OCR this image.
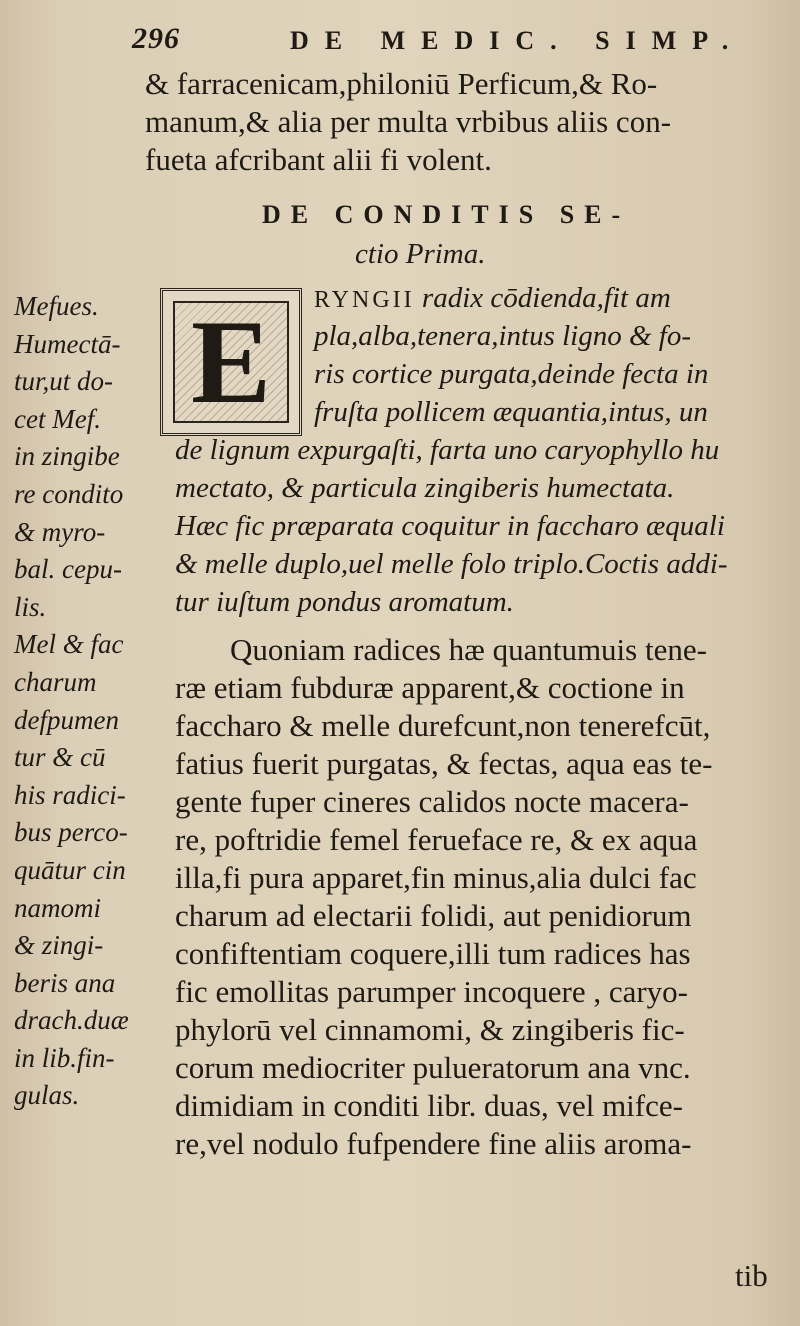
296	DE MEDIC. SIMP.
& farracenicam,philoniū Perficum,& Ro-
manum,& alia per multa vrbibus aliis con-
fueta afcribant alii fi volent.
DE CONDITIS SE-
ctio Prima.
E	RYNGII radix cōdienda,fit am
pla,alba,tenera,intus ligno & fo-
ris cortice purgata,deinde fecta in
fruſta pollicem æquantia,intus, un
de lignum expurgaſti, farta uno caryophyllo hu
mectato, & particula zingiberis humectata.
Hæc fic præparata coquitur in faccharo æquali
& melle duplo,uel melle folo triplo.Coctis addi-
tur iuſtum pondus aromatum.
Quoniam radices hæ quantumuis tene-
ræ etiam fubduræ apparent,& coctione in
faccharo & melle durefcunt,non tenerefcūt,
fatius fuerit purgatas, & fectas, aqua eas te-
gente fuper cineres calidos nocte macera-
re, poftridie femel ferueface re, & ex aqua
illa,fi pura apparet,fin minus,alia dulci fac
charum ad electarii folidi, aut penidiorum
confiftentiam coquere,illi tum radices has
fic emollitas parumper incoquere , caryo-
phylorū vel cinnamomi, & zingiberis fic-
corum mediocriter pulueratorum ana vnc.
dimidiam in conditi libr. duas, vel mifce-
re,vel nodulo fufpendere fine aliis aroma-
tib
Mefues.
Humectā-
tur,ut do-
cet Mef.
in zingibe
re condito
& myro-
bal. cepu-
lis.
Mel & fac
charum
defpumen
tur & cū
his radici-
bus perco-
quātur cin
namomi
& zingi-
beris ana
drach.duæ
in lib.fin-
gulas.
